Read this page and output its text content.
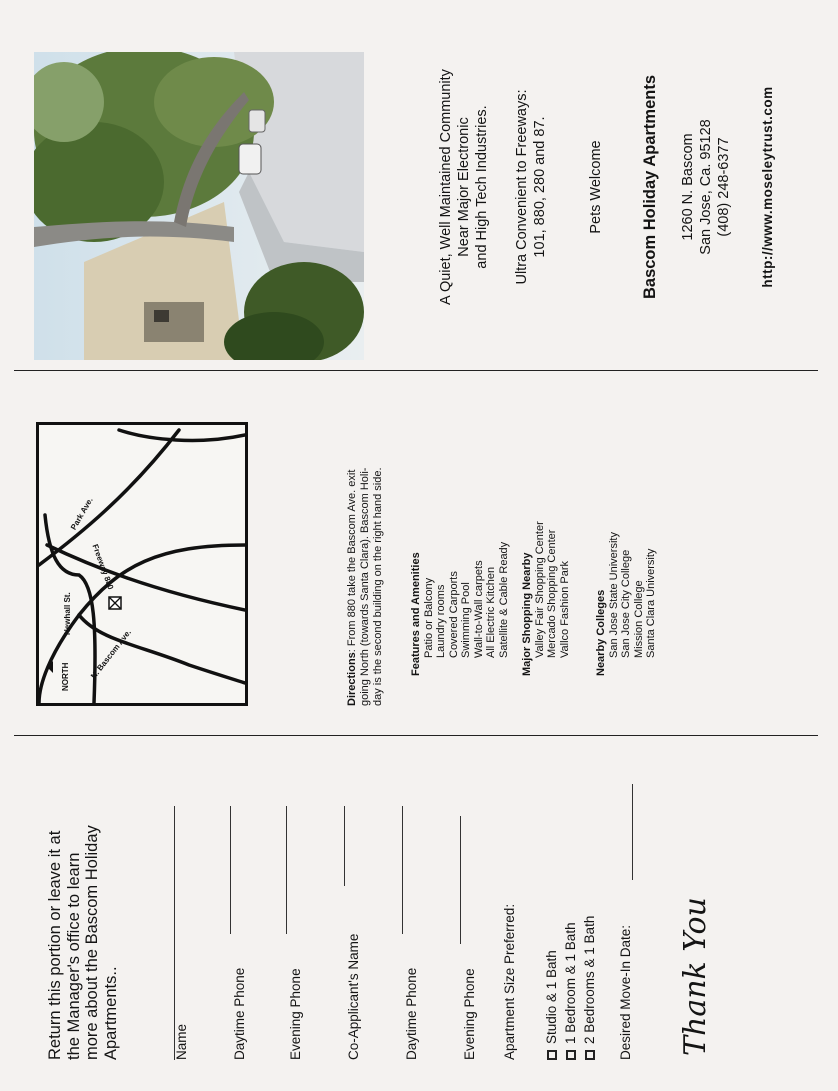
A Quiet, Well Maintained Community Near Major Electronic and High Tech Industries. Ultra Convenient to Freeways: 101, 880, 280 and 87.	Pets Welcome Bascom Holiday Apartments 1260 N. Bascom San Jose, Ca. 95128 (408) 248-6377 http://www.moseleytrust.com
NORTH
Newhall St.
Park Ave.
Freeway 880
N. Bascom Ave.	Directions: From 880 take the Bascom Ave. exit going North (towards Santa Clara). Bascom Holi- day is the second building on the right hand side. Features and Amenities Patio or Balcony Laundry rooms Covered Carports Swimming Pool Wall-to-Wall carpets All Electric Kitchen Satellite & Cable Ready Major Shopping Nearby Valley Fair Shopping Center Mercado Shopping Center Vallco Fashion Park Nearby Colleges San Jose State University San Jose City College Mission College Santa Clara University
Return this portion or leave it at the Manager's office to learn more about the Bascom Holiday Apartments..	Name	Daytime Phone	Evening Phone	Co-Applicant's Name	Daytime Phone	Evening Phone Apartment Size Preferred: Studio & 1 Bath 1 Bedroom & 1 Bath 2 Bedrooms & 1 Bath Desired Move-In Date: Thank You
